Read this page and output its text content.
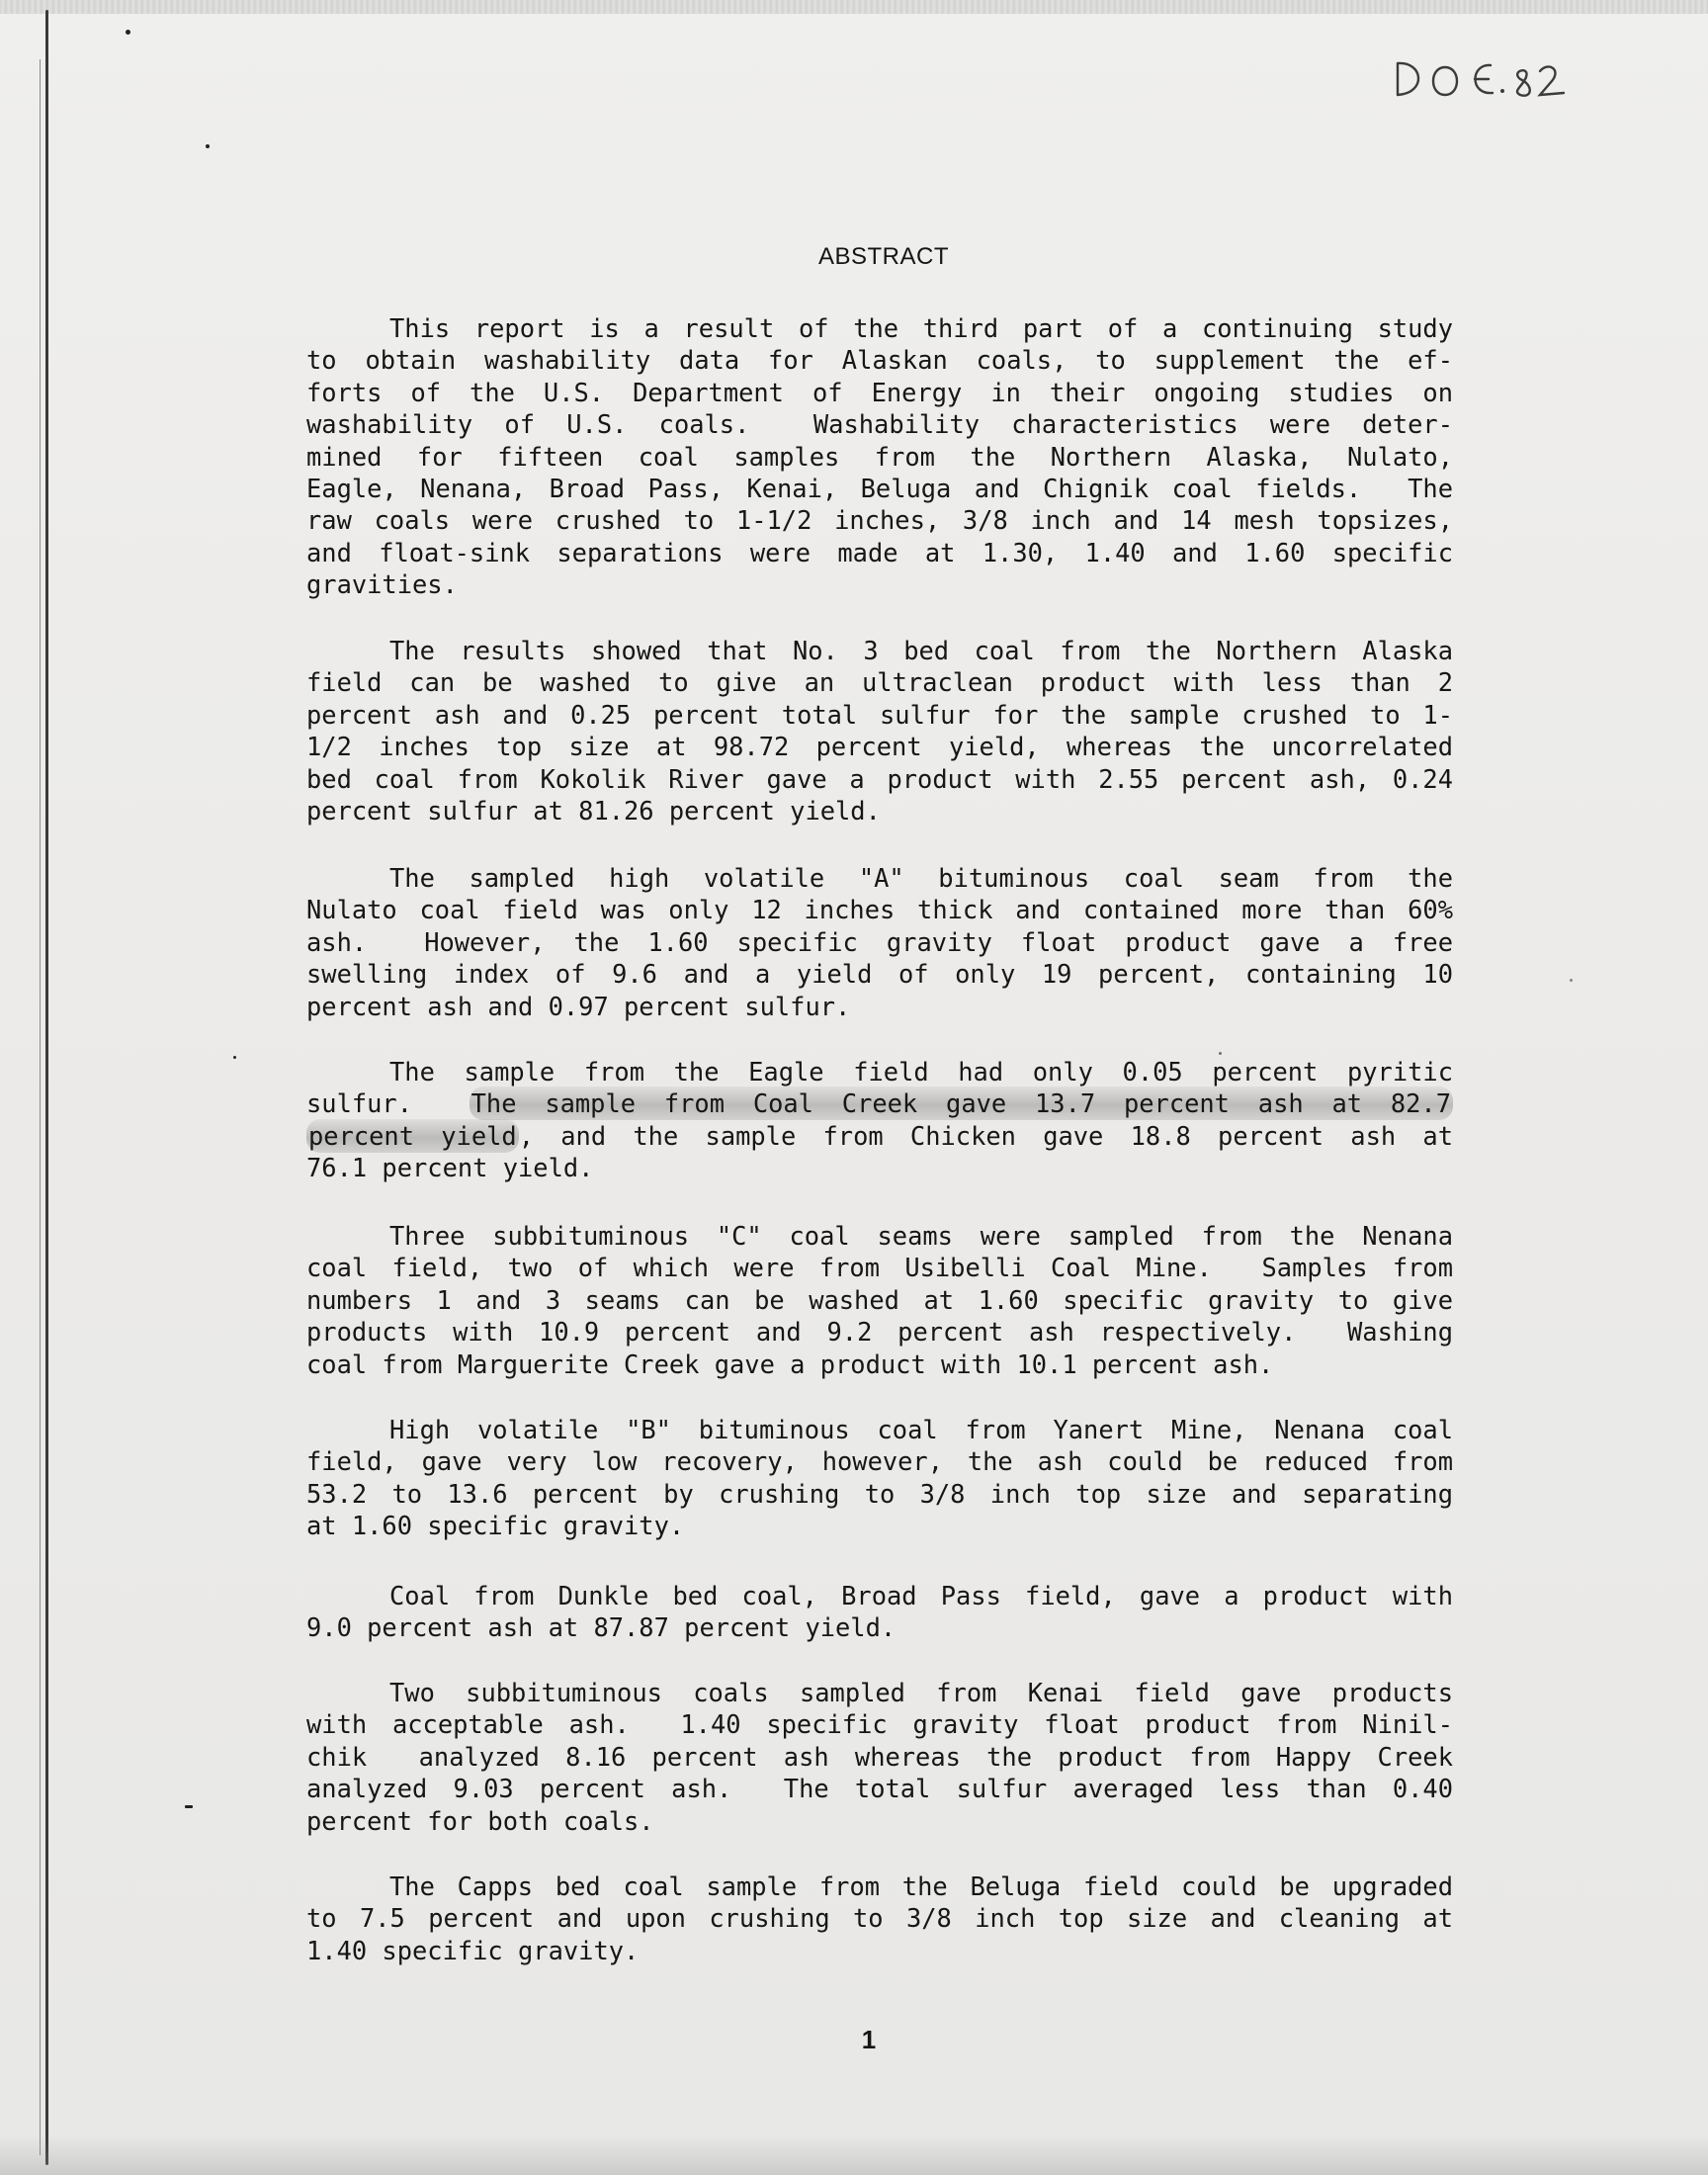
ABSTRACT
This report is a result of the third part of a continuing study
to obtain washability data for Alaskan coals, to supplement the ef-
forts of the U.S. Department of Energy in their ongoing studies on
washability of U.S. coals.  Washability characteristics were deter-
mined for fifteen coal samples from the Northern Alaska, Nulato,
Eagle, Nenana, Broad Pass, Kenai, Beluga and Chignik coal fields.  The
raw coals were crushed to 1-1/2 inches, 3/8 inch and 14 mesh topsizes,
and float-sink separations were made at 1.30, 1.40 and 1.60 specific
gravities.
The results showed that No. 3 bed coal from the Northern Alaska
field can be washed to give an ultraclean product with less than 2
percent ash and 0.25 percent total sulfur for the sample crushed to 1-
1/2 inches top size at 98.72 percent yield, whereas the uncorrelated
bed coal from Kokolik River gave a product with 2.55 percent ash, 0.24
percent sulfur at 81.26 percent yield.
The sampled high volatile "A" bituminous coal seam from the
Nulato coal field was only 12 inches thick and contained more than 60%
ash.  However, the 1.60 specific gravity float product gave a free
swelling index of 9.6 and a yield of only 19 percent, containing 10
percent ash and 0.97 percent sulfur.
The sample from the Eagle field had only 0.05 percent pyritic
sulfur.  The sample from Coal Creek gave 13.7 percent ash at 82.7
percent yield, and the sample from Chicken gave 18.8 percent ash at
76.1 percent yield.
Three subbituminous "C" coal seams were sampled from the Nenana
coal field, two of which were from Usibelli Coal Mine.  Samples from
numbers 1 and 3 seams can be washed at 1.60 specific gravity to give
products with 10.9 percent and 9.2 percent ash respectively.  Washing
coal from Marguerite Creek gave a product with 10.1 percent ash.
High volatile "B" bituminous coal from Yanert Mine, Nenana coal
field, gave very low recovery, however, the ash could be reduced from
53.2 to 13.6 percent by crushing to 3/8 inch top size and separating
at 1.60 specific gravity.
Coal from Dunkle bed coal, Broad Pass field, gave a product with
9.0 percent ash at 87.87 percent yield.
Two subbituminous coals sampled from Kenai field gave products
with acceptable ash.  1.40 specific gravity float product from Ninil-
chik  analyzed 8.16 percent ash whereas the product from Happy Creek
analyzed 9.03 percent ash.  The total sulfur averaged less than 0.40
percent for both coals.
The Capps bed coal sample from the Beluga field could be upgraded
to 7.5 percent and upon crushing to 3/8 inch top size and cleaning at
1.40 specific gravity.
1
